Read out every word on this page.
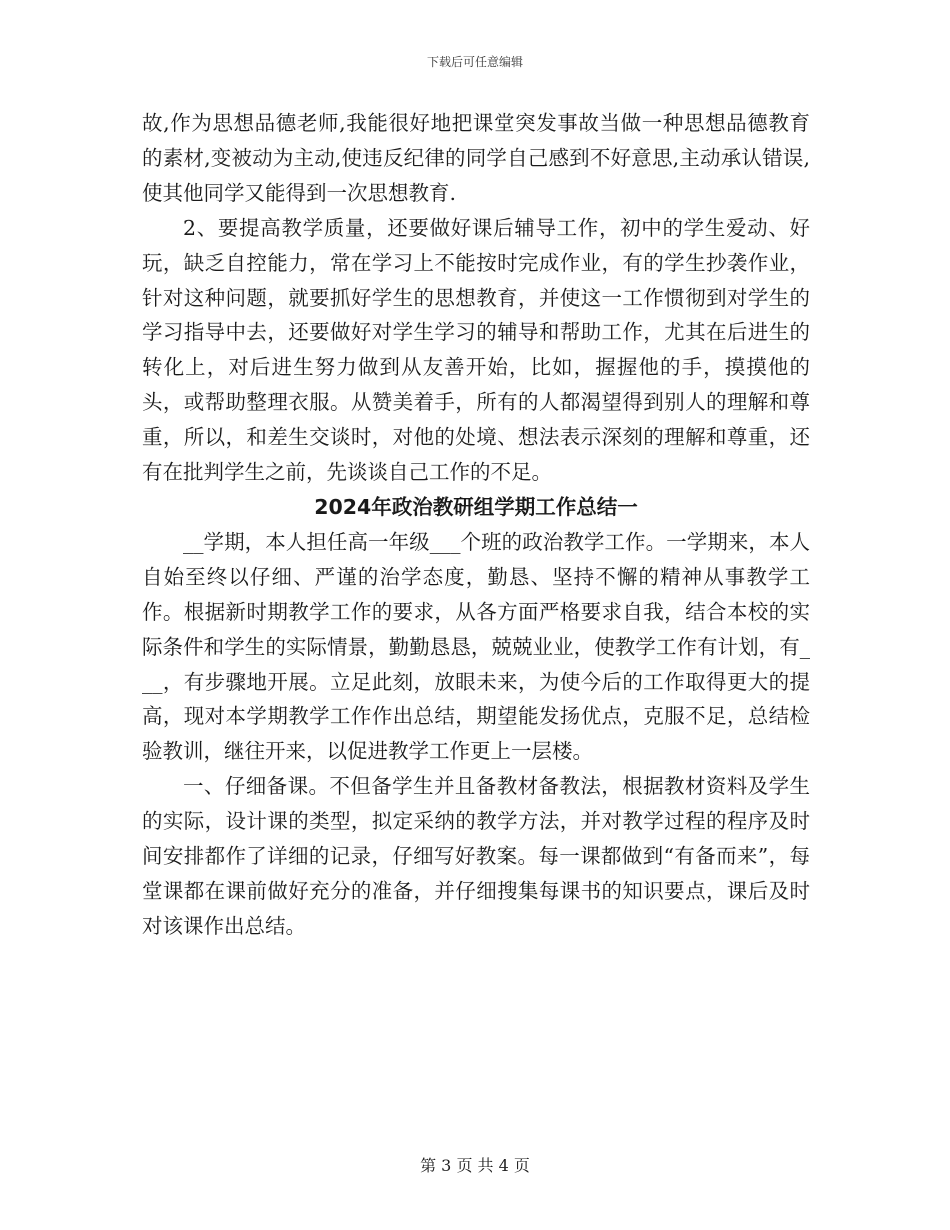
下载后可任意编辑

故,作为思想品德老师,我能很好地把课堂突发事故当做一种思想品德教育的素材,变被动为主动,使违反纪律的同学自己感到不好意思,主动承认错误,使其他同学又能得到一次思想教育.

2、要提高教学质量，还要做好课后辅导工作，初中的学生爱动、好玩，缺乏自控能力，常在学习上不能按时完成作业，有的学生抄袭作业，针对这种问题，就要抓好学生的思想教育，并使这一工作惯彻到对学生的学习指导中去，还要做好对学生学习的辅导和帮助工作，尤其在后进生的转化上，对后进生努力做到从友善开始，比如，握握他的手，摸摸他的头，或帮助整理衣服。从赞美着手，所有的人都渴望得到别人的理解和尊重，所以，和差生交谈时，对他的处境、想法表示深刻的理解和尊重，还有在批判学生之前，先谈谈自己工作的不足。

2024年政治教研组学期工作总结一

__学期，本人担任高一年级___个班的政治教学工作。一学期来，本人自始至终以仔细、严谨的治学态度，勤恳、坚持不懈的精神从事教学工作。根据新时期教学工作的要求，从各方面严格要求自我，结合本校的实际条件和学生的实际情景，勤勤恳恳，兢兢业业，使教学工作有计划，有___，有步骤地开展。立足此刻，放眼未来，为使今后的工作取得更大的提高，现对本学期教学工作作出总结，期望能发扬优点，克服不足，总结检验教训，继往开来，以促进教学工作更上一层楼。

一、仔细备课。不但备学生并且备教材备教法，根据教材资料及学生的实际，设计课的类型，拟定采纳的教学方法，并对教学过程的程序及时间安排都作了详细的记录，仔细写好教案。每一课都做到“有备而来”，每堂课都在课前做好充分的准备，并仔细搜集每课书的知识要点，课后及时对该课作出总结。

第 3 页 共 4 页
